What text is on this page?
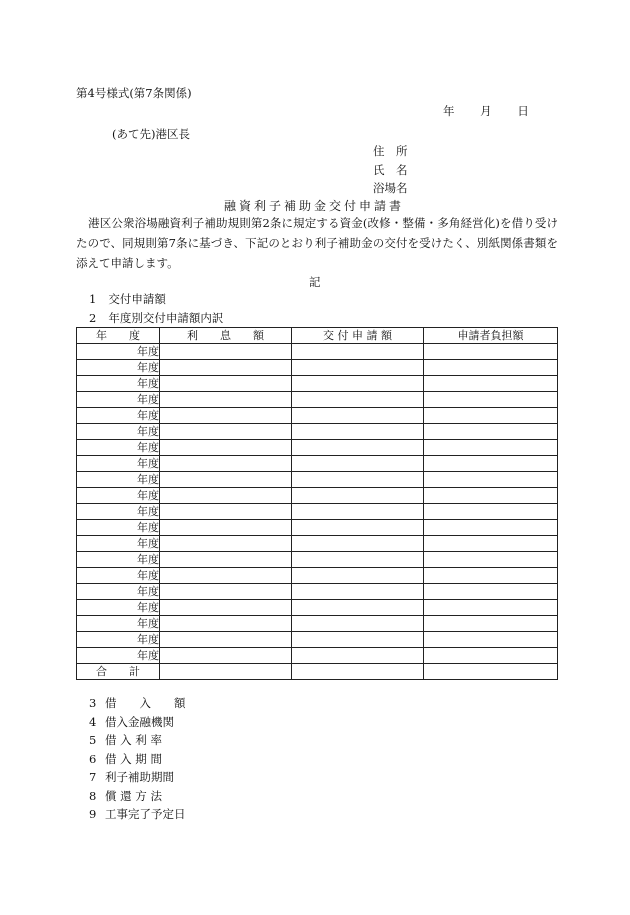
第4号様式(第7条関係)
年 月 日
(あて先)港区長
住　所
氏　名
浴場名
融資利子補助金交付申請書
港区公衆浴場融資利子補助規則第2条に規定する資金(改修・整備・多角経営化)を借り受けたので、同規則第7条に基づき、下記のとおり利子補助金の交付を受けたく、別紙関係書類を添えて申請します。
記
1 交付申請額
2 年度別交付申請額内訳
年　　度	利　　息　　額	交 付 申 請 額	申請者負担額
年度			
年度			
年度			
年度			
年度			
年度			
年度			
年度			
年度			
年度			
年度			
年度			
年度			
年度			
年度			
年度			
年度			
年度			
年度			
年度			
合　　計			
3 借　　入　　額
4 借入金融機関
5 借 入 利 率
6 借 入 期 間
7 利子補助期間
8 償 還 方 法
9 工事完了予定日
